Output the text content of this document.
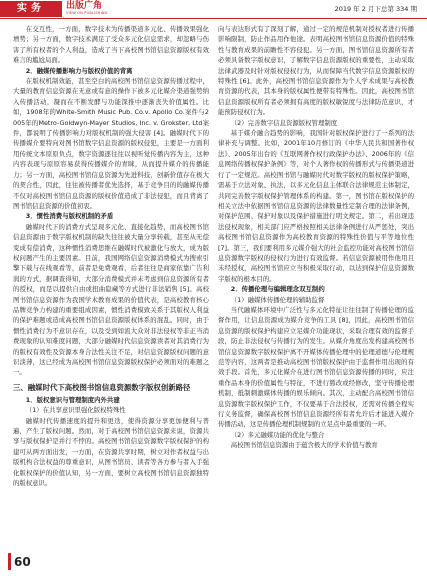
实务	出版广角
VIEW ON PUBLISHING	2019 年 2 月下总第 334 期

在交互性，一方面，数字技术为传播渠道多元化、传播效果强化增势；另一方面，数字技术满足了受众多元化信息需求，却忽略与伤害了所有权者的个人利益，造成了当下高校图书馆信息资源版权有效难言的尴尬局面。

2．融媒传播影响力与版权价值的背离

在版权机制效能，甚至空白的高校图书馆信息资源传播过程中，大量的教育信息资源在无意或有意的操作下被多元化媒介渠道强势纳入传播活动，凝而在不断发酵与功能深推中逐渐丧失价值属性。比如，1908年的White-Smith Music Pub. Co.v. Apollo Co.案件与2005年的Metro-Goldwyn-Mayer Studios, Inc. v. Grokster, Ltd案件，都说明了传播影响力对版权机制的强大侵害 [4]。融媒时代下的传播媒介要特向对图书馆数字信息资源的版权侵犯，主要是一方面利用传统文本原原负点，数字资源逐往往以视听觉传播内容为主，这种内容表现与原原容易获得传播媒介的青睐，从而提升媒介的传播能力；另一方面，高校图书馆信息资源为先进科技、创新价值存在极大的契合性，因此，往往被传播者优先选择，基于竞争目的的融媒传播不仅对高校图书馆信息资源的版权价值造成了非法侵犯，而且背离了图书馆信息资源的价值初衷。

3．惯性消费与版权机制的矛盾

融媒时代下的消费方式呈现多元化、直接化趋势，而高校图书馆信息资源由于数字版权机制的缺失往往被大量分享转载，甚至从无偿变成有偿消费，这种惯性消费思维在融媒时代被激化与放大，成为版权问题产生的主要因素。目前，我国网络信息资源消费模式为搜索引擎下载与在线观看等，前者是免费观看，后者往往是商家依靠广告利润的方式，据调查得知，大部分消费模式并未考虑到信息资源所有者的授权，而是以提供自由或扭曲隐藏等方式进行非法销售 [5]。高校图书馆信息资源作为我国学术教育成果的价值代表，是高校教育核心品牌竞争力构建的重要组成因素，惯性消费模致关系于其版权人利益的保护难题或造成高校图书馆信息资源版权体系的混乱。同时，由于惯性消费行为不意识存在，以及受到如流大众对非法侵权等非正当消费现象的认知难度问题，大部分融媒时代信息资源读者对其消费行为的版权有效性及资源本身合法性关注不足，对信息资源版权问题的意识淡薄，这已经成为高校图书馆信息资源版权保护必须面对的难题之一。

三、融媒时代下高校图书馆信息资源数字版权创新路径

1．版权意识与管理制度内外共建

（1）在共享意识里强化版权特殊性

融媒时代传播速度的提升和更迭，使得资源分享更加便利与普遍，产生了版权问题。然而，对于高校图书馆信息资源来说，资源共享与版权保护是并行不悖的。高校图书馆信息资源数字版权保护的构建可从两方面出发，一方面，在资源共享时期，树立对作者权益与出版机构合法权益的尊重意识，从图书馆员、读者等各方参与者入手强化版权保护的价值认知，另一方面，要树立高校图书馆信息资源独特的版权意识。

向与表达形式有了深刻了解，通过一定的规范机制对授权者进行传播影响限制，防止作品用作他途。表明高校图书馆信息资源价值的特殊性与教育成果的前瞻性不容侵犯。另一方面，图书馆信息资源所有者必须具备数字版权意识，了解数字信息资源版权的重要性，主动采取法律武器及时针对版权侵权行为，从而保障当代数字信息资源版权的特殊性 [6]。此外，高校图书馆信息资源作为个人学术成果与高校教育资源的代表，其本身的版权属性便带有特殊性。因此，高校图书馆信息资源版权所有者必须拥有高度的版权敏锐度与法律防范意识，才能预防侵权行为。

（2）完善数字信息资源版权管理制度

基于媒介融合趋势的影响，我国针对版权保护进行了一系列的法律补充与调整。比如，2001年10月修订的《中华人民共和国著作权法》、2005年出台的《互联网著作权行政保护办法》、2006年的《信息网络传播权保护条例》等，对个人著作权的传播形式与传播渠道进行了一定规范。高校图书馆与融媒时代对数字版权的版权保护策略，需基于立法对象、执法，以多元化信息主体联合法律规范主体制定，共同完善数字版权保护管理体系的构建。第一，图书馆在版权保护的相关立法中依据图书馆信息资源的法律数量性定制合理的法律条例，对保护范围、保护对象以及保护措施进行明文规定。第二，若出现违法侵权现象，相关部门应严格按照相关法律条例进行从严惩处，突出高校图书馆信息资源作为高校教育资源的特殊性价值与平等地位性 [7]。第三，我们要利用多元媒介强大的社会监控功能对高校图书馆信息资源数字版权的侵权行为进行有效监督。若信息资源被用作他用且未经授权，高校图书馆应立当积极采取行动，以达到保护信息资源数字版权的根本目的。

2．传播伦理与编辑理念双互制约

（1）融媒体传播伦理的辅助监督

当代融媒体环境中广泛性与多元化特征让往往制了传播伦理的监督作用，让信息资源成为媒介竞争的工具 [8]，因此，高校图书馆信息资源的版权保护构建应立足媒介功能现状，采取合理有效的监督手段，防止非法侵权与传播行为的发生。从媒介角度出发构建高校图书馆信息资源数字版权保护离不开媒体传播伦理中的伦理道德与伦理规范等内容，这两者是推动高校图书馆版权保护由于监督作用出现的有效手段。首先，多元化媒介在进行图书馆信息资源传播的同时，应注重作品本身的价值属性与特征，不进行篡改或经修改，坚守传播伦理机制，抵制刺激媒体传播的娱乐倾向。其次，主动配合高校图书馆信息资源数字版权保护工作，不仅要基于合法授权，还需对传播全程实行义务监督，确保高校图书馆信息资源经所有者允许后才能进入媒介传播活动，这是传播伦理机制规制的立足点中最重要的一环。

（2）多元融媒功能的优化与整合

高校图书馆信息资源由于蕴含极大的学术价值与教育

60
